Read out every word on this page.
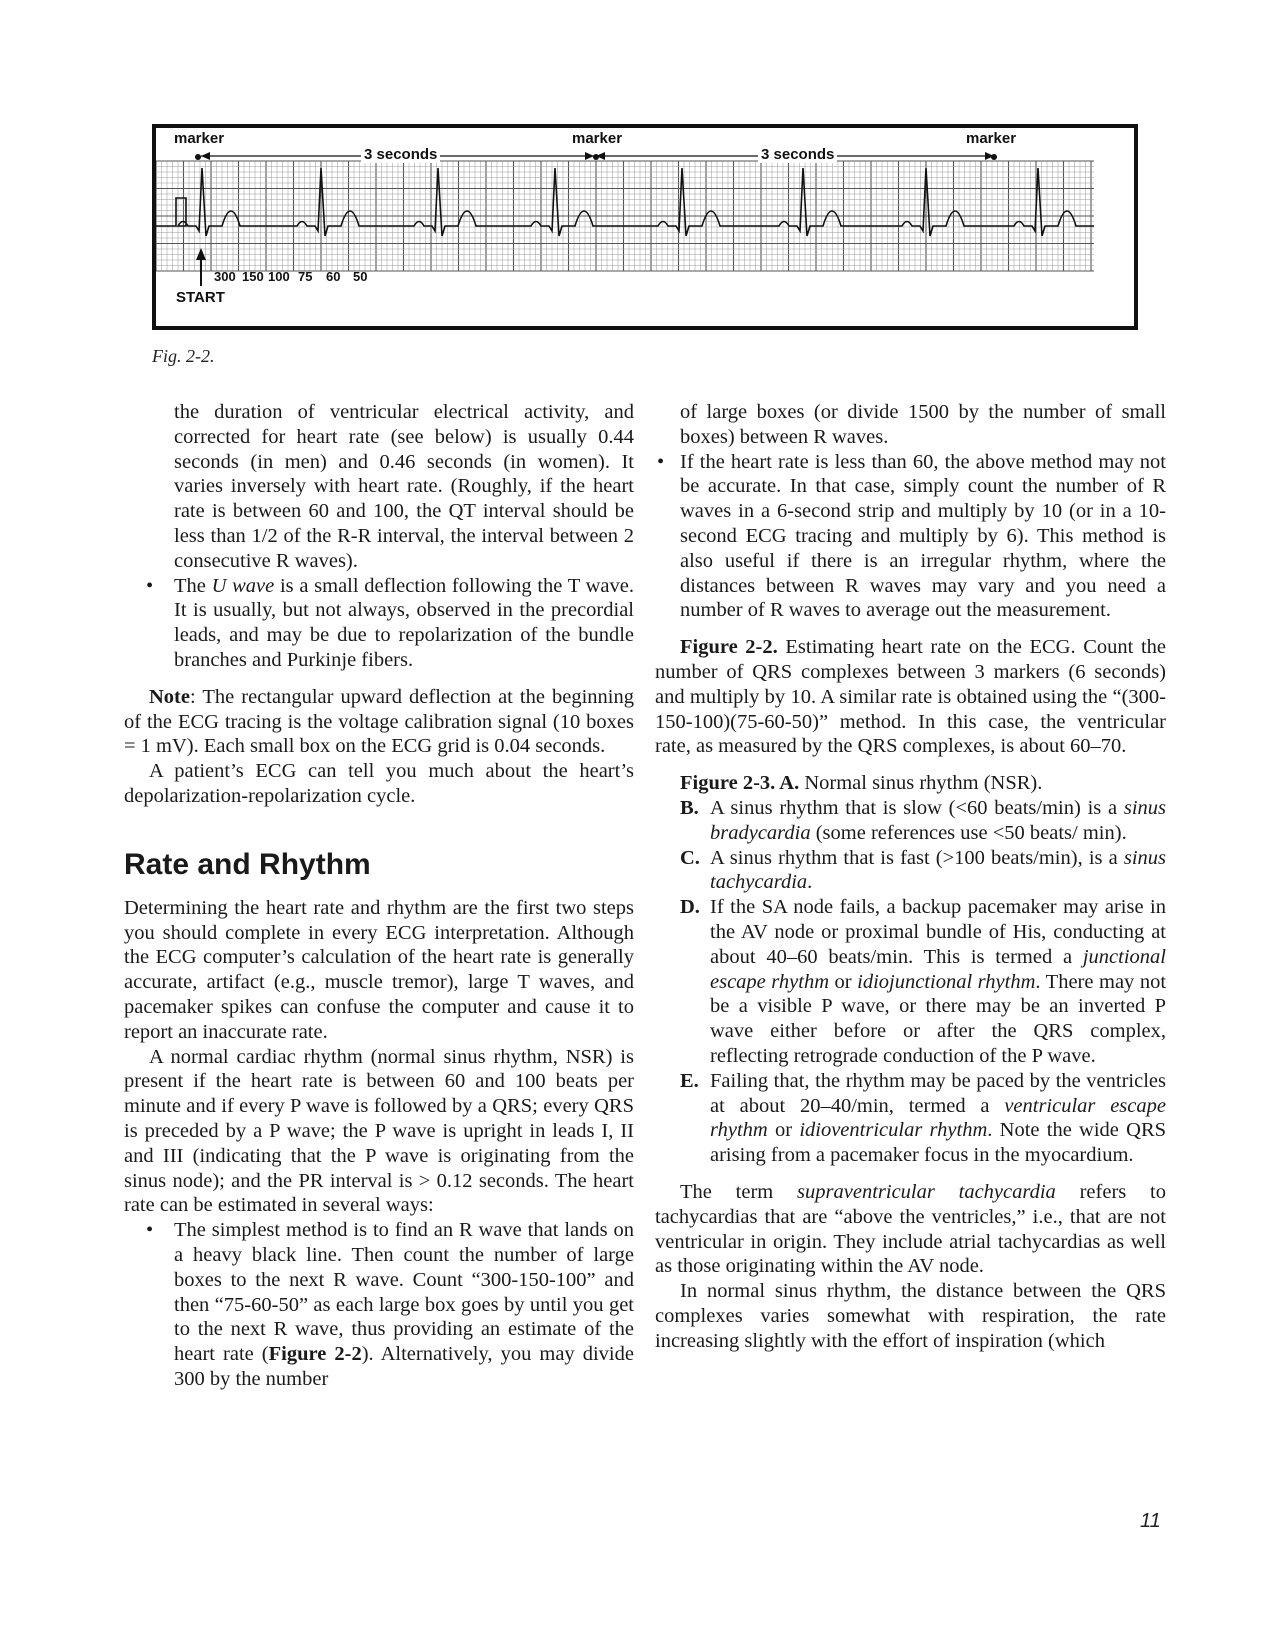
marker	marker	marker
3 seconds	3 seconds
300 150 100 75 60 50
START
Fig. 2-2.

the duration of ventricular electrical activity, and corrected for heart rate (see below) is usually 0.44 seconds (in men) and 0.46 seconds (in women). It varies inversely with heart rate. (Roughly, if the heart rate is between 60 and 100, the QT interval should be less than 1/2 of the R-R interval, the interval between 2 consecutive R waves).

• The U wave is a small deflection following the T wave. It is usually, but not always, observed in the precordial leads, and may be due to repolarization of the bundle branches and Purkinje fibers.

Note: The rectangular upward deflection at the beginning of the ECG tracing is the voltage calibration signal (10 boxes = 1 mV). Each small box on the ECG grid is 0.04 seconds.

A patient’s ECG can tell you much about the heart’s depolarization-repolarization cycle.

Rate and Rhythm

Determining the heart rate and rhythm are the first two steps you should complete in every ECG interpretation. Although the ECG computer’s calculation of the heart rate is generally accurate, artifact (e.g., muscle tremor), large T waves, and pacemaker spikes can confuse the computer and cause it to report an inaccurate rate.

A normal cardiac rhythm (normal sinus rhythm, NSR) is present if the heart rate is between 60 and 100 beats per minute and if every P wave is followed by a QRS; every QRS is preceded by a P wave; the P wave is upright in leads I, II and III (indicating that the P wave is originating from the sinus node); and the PR interval is > 0.12 seconds. The heart rate can be estimated in several ways:

• The simplest method is to find an R wave that lands on a heavy black line. Then count the number of large boxes to the next R wave. Count “300-150-100” and then “75-60-50” as each large box goes by until you get to the next R wave, thus providing an estimate of the heart rate (Figure 2-2). Alternatively, you may divide 300 by the number

of large boxes (or divide 1500 by the number of small boxes) between R waves.

• If the heart rate is less than 60, the above method may not be accurate. In that case, simply count the number of R waves in a 6-second strip and multiply by 10 (or in a 10-second ECG tracing and multiply by 6). This method is also useful if there is an irregular rhythm, where the distances between R waves may vary and you need a number of R waves to average out the measurement.

Figure 2-2. Estimating heart rate on the ECG. Count the number of QRS complexes between 3 markers (6 seconds) and multiply by 10. A similar rate is obtained using the “(300-150-100)(75-60-50)” method. In this case, the ventricular rate, as measured by the QRS complexes, is about 60–70.

Figure 2-3. A. Normal sinus rhythm (NSR).

B. A sinus rhythm that is slow (<60 beats/min) is a sinus bradycardia (some references use <50 beats/ min).
C. A sinus rhythm that is fast (>100 beats/min), is a sinus tachycardia.
D. If the SA node fails, a backup pacemaker may arise in the AV node or proximal bundle of His, conducting at about 40–60 beats/min. This is termed a junctional escape rhythm or idiojunctional rhythm. There may not be a visible P wave, or there may be an inverted P wave either before or after the QRS complex, reflecting retrograde conduction of the P wave.
E. Failing that, the rhythm may be paced by the ventricles at about 20–40/min, termed a ventricular escape rhythm or idioventricular rhythm. Note the wide QRS arising from a pacemaker focus in the myocardium.

The term supraventricular tachycardia refers to tachycardias that are “above the ventricles,” i.e., that are not ventricular in origin. They include atrial tachycardias as well as those originating within the AV node.

In normal sinus rhythm, the distance between the QRS complexes varies somewhat with respiration, the rate increasing slightly with the effort of inspiration (which

11
